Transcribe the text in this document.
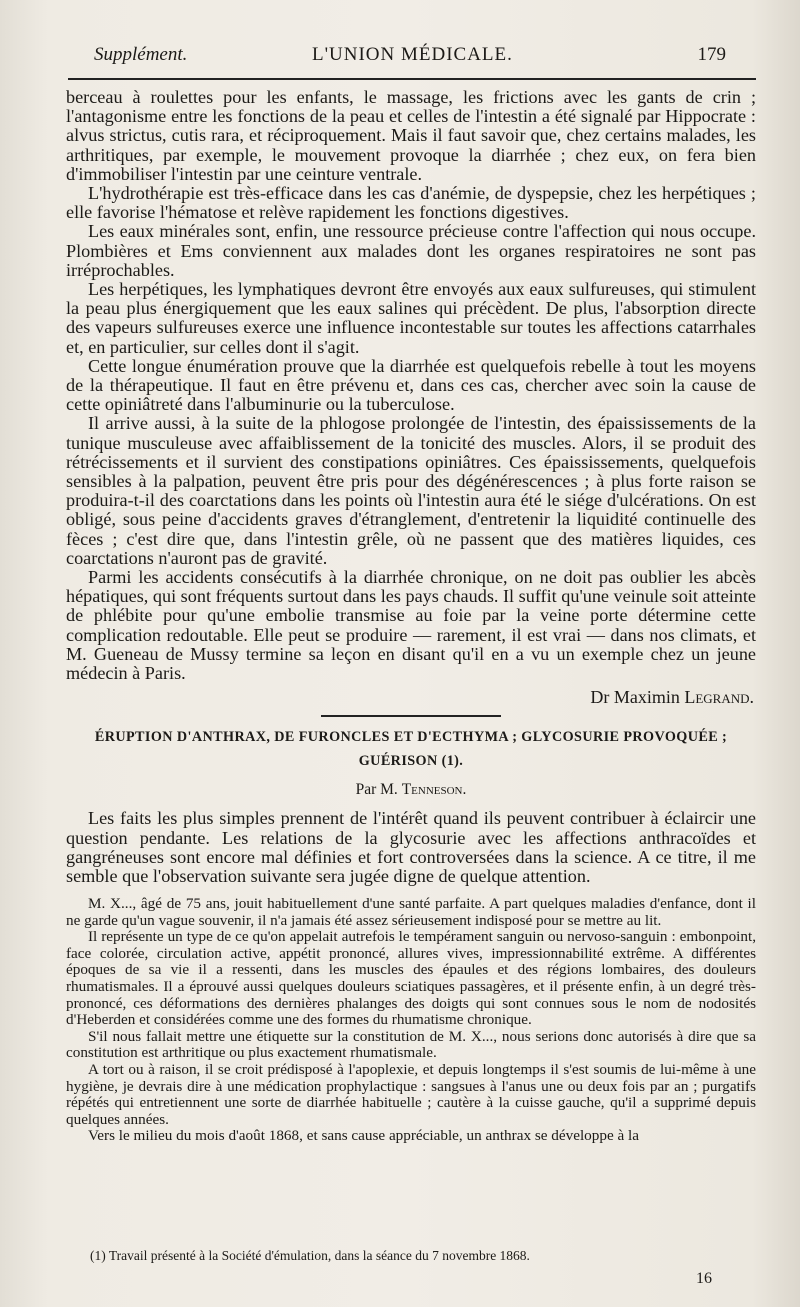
Supplément.	L'UNION MÉDICALE.	179

berceau à roulettes pour les enfants, le massage, les frictions avec les gants de crin ; l'antagonisme entre les fonctions de la peau et celles de l'intestin a été signalé par Hippocrate : alvus strictus, cutis rara, et réciproquement. Mais il faut savoir que, chez certains malades, les arthritiques, par exemple, le mouvement provoque la diarrhée ; chez eux, on fera bien d'immobiliser l'intestin par une ceinture ventrale.

L'hydrothérapie est très-efficace dans les cas d'anémie, de dyspepsie, chez les herpétiques ; elle favorise l'hématose et relève rapidement les fonctions digestives.

Les eaux minérales sont, enfin, une ressource précieuse contre l'affection qui nous occupe. Plombières et Ems conviennent aux malades dont les organes respiratoires ne sont pas irréprochables.

Les herpétiques, les lymphatiques devront être envoyés aux eaux sulfureuses, qui stimulent la peau plus énergiquement que les eaux salines qui précèdent. De plus, l'absorption directe des vapeurs sulfureuses exerce une influence incontestable sur toutes les affections catarrhales et, en particulier, sur celles dont il s'agit.

Cette longue énumération prouve que la diarrhée est quelquefois rebelle à tout les moyens de la thérapeutique. Il faut en être prévenu et, dans ces cas, chercher avec soin la cause de cette opiniâtreté dans l'albuminurie ou la tuberculose.

Il arrive aussi, à la suite de la phlogose prolongée de l'intestin, des épaississements de la tunique musculeuse avec affaiblissement de la tonicité des muscles. Alors, il se produit des rétrécissements et il survient des constipations opiniâtres. Ces épaississements, quelquefois sensibles à la palpation, peuvent être pris pour des dégénérescences ; à plus forte raison se produira-t-il des coarctations dans les points où l'intestin aura été le siége d'ulcérations. On est obligé, sous peine d'accidents graves d'étranglement, d'entretenir la liquidité continuelle des fèces ; c'est dire que, dans l'intestin grêle, où ne passent que des matières liquides, ces coarctations n'auront pas de gravité.

Parmi les accidents consécutifs à la diarrhée chronique, on ne doit pas oublier les abcès hépatiques, qui sont fréquents surtout dans les pays chauds. Il suffit qu'une veinule soit atteinte de phlébite pour qu'une embolie transmise au foie par la veine porte détermine cette complication redoutable. Elle peut se produire — rarement, il est vrai — dans nos climats, et M. Gueneau de Mussy termine sa leçon en disant qu'il en a vu un exemple chez un jeune médecin à Paris.

Dr Maximin Legrand.

ÉRUPTION D'ANTHRAX, DE FURONCLES ET D'ECTHYMA ; GLYCOSURIE PROVOQUÉE ;
GUÉRISON (1).
Par M. Tenneson.

Les faits les plus simples prennent de l'intérêt quand ils peuvent contribuer à éclaircir une question pendante. Les relations de la glycosurie avec les affections anthracoïdes et gangréneuses sont encore mal définies et fort controversées dans la science. A ce titre, il me semble que l'observation suivante sera jugée digne de quelque attention.

M. X..., âgé de 75 ans, jouit habituellement d'une santé parfaite. A part quelques maladies d'enfance, dont il ne garde qu'un vague souvenir, il n'a jamais été assez sérieusement indisposé pour se mettre au lit.

Il représente un type de ce qu'on appelait autrefois le tempérament sanguin ou nervoso-sanguin : embonpoint, face colorée, circulation active, appétit prononcé, allures vives, impressionnabilité extrême. A différentes époques de sa vie il a ressenti, dans les muscles des épaules et des régions lombaires, des douleurs rhumatismales. Il a éprouvé aussi quelques douleurs sciatiques passagères, et il présente enfin, à un degré très-prononcé, ces déformations des dernières phalanges des doigts qui sont connues sous le nom de nodosités d'Heberden et considérées comme une des formes du rhumatisme chronique.

S'il nous fallait mettre une étiquette sur la constitution de M. X..., nous serions donc autorisés à dire que sa constitution est arthritique ou plus exactement rhumatismale.

A tort ou à raison, il se croit prédisposé à l'apoplexie, et depuis longtemps il s'est soumis de lui-même à une hygiène, je devrais dire à une médication prophylactique : sangsues à l'anus une ou deux fois par an ; purgatifs répétés qui entretiennent une sorte de diarrhée habituelle ; cautère à la cuisse gauche, qu'il a supprimé depuis quelques années.

Vers le milieu du mois d'août 1868, et sans cause appréciable, un anthrax se développe à la

(1) Travail présenté à la Société d'émulation, dans la séance du 7 novembre 1868.
16
